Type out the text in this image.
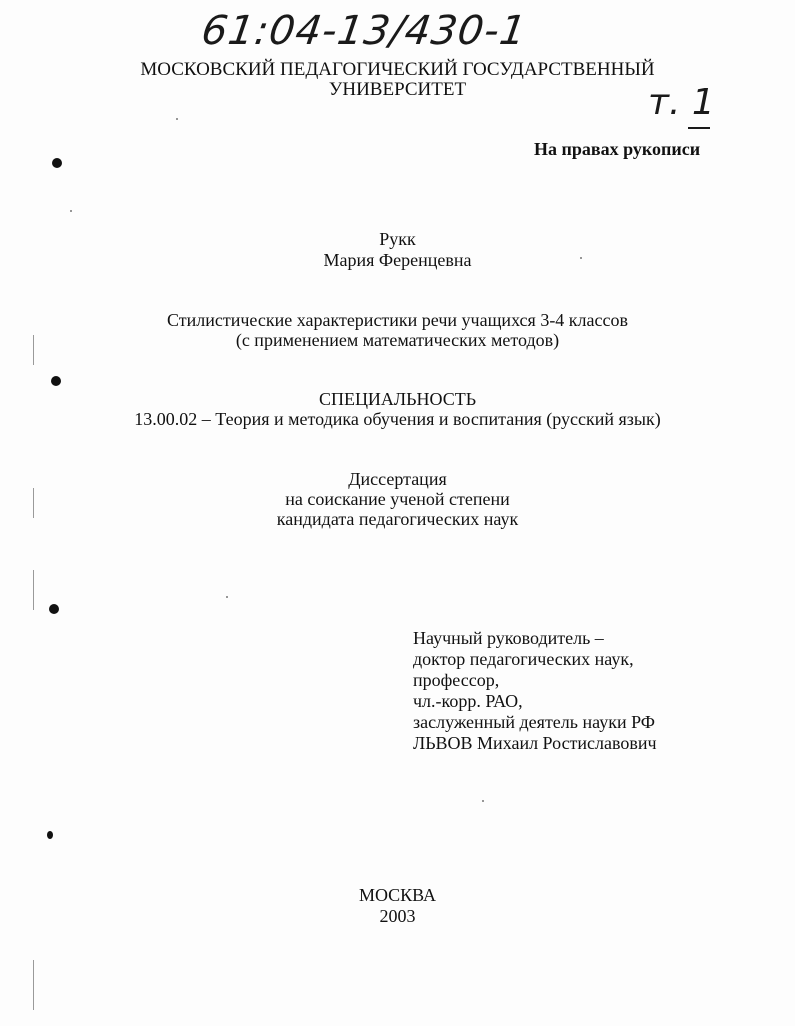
61:04-13/430-1
МОСКОВСКИЙ ПЕДАГОГИЧЕСКИЙ ГОСУДАРСТВЕННЫЙ
УНИВЕРСИТЕТ	т. 1
На правах рукописи
Рукк
Мария Ференцевна
Стилистические характеристики речи учащихся 3-4 классов
(с применением математических методов)
СПЕЦИАЛЬНОСТЬ
13.00.02 – Теория и методика обучения и воспитания (русский язык)
Диссертация
на соискание ученой степени
кандидата педагогических наук
Научный руководитель –
доктор педагогических наук,
профессор,
чл.-корр. РАО,
заслуженный деятель науки РФ
ЛЬВОВ Михаил Ростиславович
МОСКВА
2003
